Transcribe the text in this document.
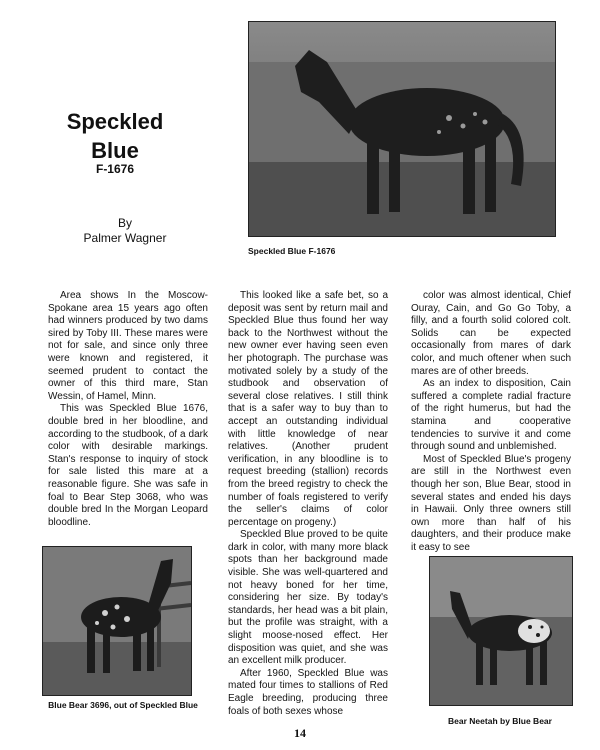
Speckled
Blue
F-1676
By
Palmer Wagner
Speckled Blue F-1676

Area shows In the Moscow-Spokane area 15 years ago often had winners produced by two dams sired by Toby III. These mares were not for sale, and since only three were known and registered, it seemed prudent to contact the owner of this third mare, Stan Wessin, of Hamel, Minn.

This was Speckled Blue 1676, double bred in her bloodline, and according to the studbook, of a dark color with desirable markings. Stan's response to inquiry of stock for sale listed this mare at a reasonable figure. She was safe in foal to Bear Step 3068, who was double bred In the Morgan Leopard bloodline.

This looked like a safe bet, so a deposit was sent by return mail and Speckled Blue thus found her way back to the Northwest without the new owner ever having seen even her photograph. The purchase was motivated solely by a study of the studbook and observation of several close relatives. I still think that is a safer way to buy than to accept an outstanding individual with little knowledge of near relatives. (Another prudent verification, in any bloodline is to request breeding (stallion) records from the breed registry to check the number of foals registered to verify the seller's claims of color percentage on progeny.)

Speckled Blue proved to be quite dark in color, with many more black spots than her background made visible. She was well-quartered and not heavy boned for her time, considering her size. By today's standards, her head was a bit plain, but the profile was straight, with a slight moose-nosed effect. Her disposition was quiet, and she was an excellent milk producer.

After 1960, Speckled Blue was mated four times to stallions of Red Eagle breeding, producing three foals of both sexes whose

color was almost identical, Chief Ouray, Cain, and Go Go Toby, a filly, and a fourth solid colored colt. Solids can be expected occasionally from mares of dark color, and much oftener when such mares are of other breeds.

As an index to disposition, Cain suffered a complete radial fracture of the right humerus, but had the stamina and cooperative tendencies to survive it and come through sound and unblemished.

Most of Speckled Blue's progeny are still in the Northwest even though her son, Blue Bear, stood in several states and ended his days in Hawaii. Only three owners still own more than half of his daughters, and their produce make it easy to see

Blue Bear 3696, out of Speckled Blue
Bear Neetah by Blue Bear
14
